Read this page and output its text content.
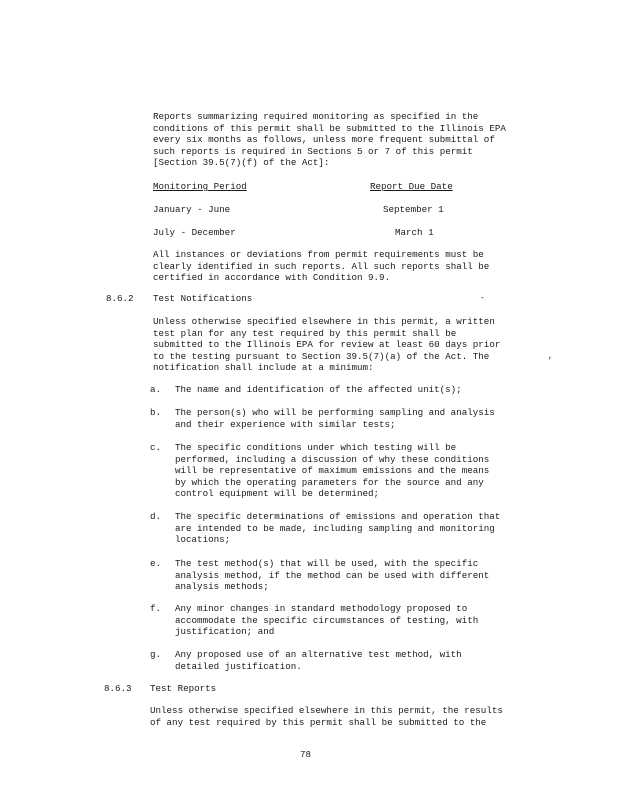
Reports summarizing required monitoring as specified in the
conditions of this permit shall be submitted to the Illinois EPA
every six months as follows, unless more frequent submittal of
such reports is required in Sections 5 or 7 of this permit
[Section 39.5(7)(f) of the Act]:

Monitoring Period	Report Due Date
January - June	September 1
July - December	March 1

All instances or deviations from permit requirements must be
clearly identified in such reports. All such reports shall be
certified in accordance with Condition 9.9.

8.6.2 Test Notifications	-

Unless otherwise specified elsewhere in this permit, a written
test plan for any test required by this permit shall be
submitted to the Illinois EPA for review at least 60 days prior
to the testing pursuant to Section 39.5(7)(a) of the Act. The
notification shall include at a minimum:

,
a. The name and identification of the affected unit(s);
b. The person(s) who will be performing sampling and analysis
and their experience with similar tests;
c. The specific conditions under which testing will be
performed, including a discussion of why these conditions
will be representative of maximum emissions and the means
by which the operating parameters for the source and any
control equipment will be determined;
d. The specific determinations of emissions and operation that
are intended to be made, including sampling and monitoring
locations;
e. The test method(s) that will be used, with the specific
analysis method, if the method can be used with different
analysis methods;
f. Any minor changes in standard methodology proposed to
accommodate the specific circumstances of testing, with
justification; and
g. Any proposed use of an alternative test method, with
detailed justification.
8.6.3 Test Reports

Unless otherwise specified elsewhere in this permit, the results
of any test required by this permit shall be submitted to the

78
